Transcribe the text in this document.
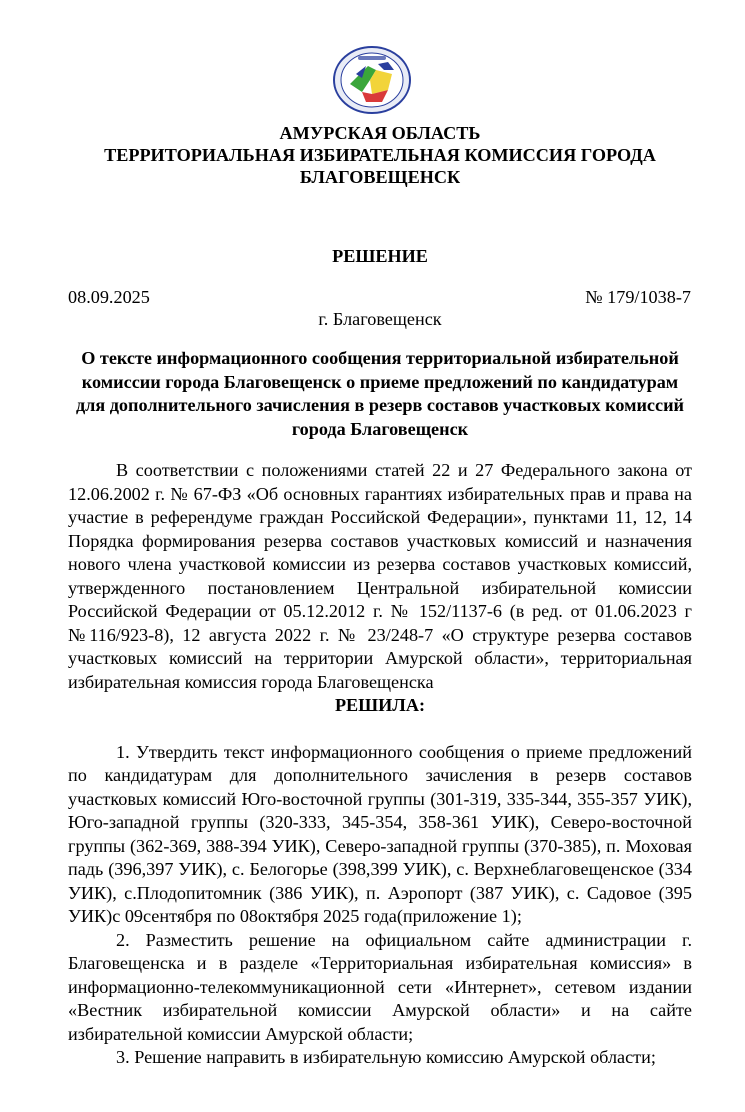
АМУРСКАЯ ОБЛАСТЬ
ТЕРРИТОРИАЛЬНАЯ ИЗБИРАТЕЛЬНАЯ КОМИССИЯ ГОРОДА
БЛАГОВЕЩЕНСК
РЕШЕНИЕ
08.09.2025	№ 179/1038-7
г. Благовещенск
О тексте информационного сообщения территориальной избирательной комиссии города Благовещенск о приеме предложений по кандидатурам для дополнительного зачисления в резерв составов участковых комиссий города Благовещенск

В соответствии с положениями статей 22 и 27 Федерального закона от 12.06.2002 г. № 67-ФЗ «Об основных гарантиях избирательных прав и права на участие в референдуме граждан Российской Федерации», пунктами 11, 12, 14 Порядка формирования резерва составов участковых комиссий и назначения нового члена участковой комиссии из резерва составов участковых комиссий, утвержденного постановлением Центральной избирательной комиссии Российской Федерации от 05.12.2012 г. № 152/1137-6 (в ред. от 01.06.2023 г №116/923-8), 12 августа 2022 г. № 23/248-7 «О структуре резерва составов участковых комиссий на территории Амурской области», территориальная избирательная комиссия города Благовещенска

РЕШИЛА:

1. Утвердить текст информационного сообщения о приеме предложений по кандидатурам для дополнительного зачисления в резерв составов участковых комиссий Юго-восточной группы (301-319, 335-344, 355-357 УИК), Юго-западной группы (320-333, 345-354, 358-361 УИК), Северо-восточной группы (362-369, 388-394 УИК), Северо-западной группы (370-385), п. Моховая падь (396,397 УИК), с. Белогорье (398,399 УИК), с. Верхнеблаговещенское (334 УИК), с.Плодопитомник (386 УИК), п. Аэропорт (387 УИК), с. Садовое (395 УИК)с 09сентября по 08октября 2025 года(приложение 1);

2. Разместить решение на официальном сайте администрации г. Благовещенска и в разделе «Территориальная избирательная комиссия» в информационно-телекоммуникационной сети «Интернет», сетевом издании «Вестник избирательной комиссии Амурской области» и на сайте избирательной комиссии Амурской области;

3. Решение направить в избирательную комиссию Амурской области;
